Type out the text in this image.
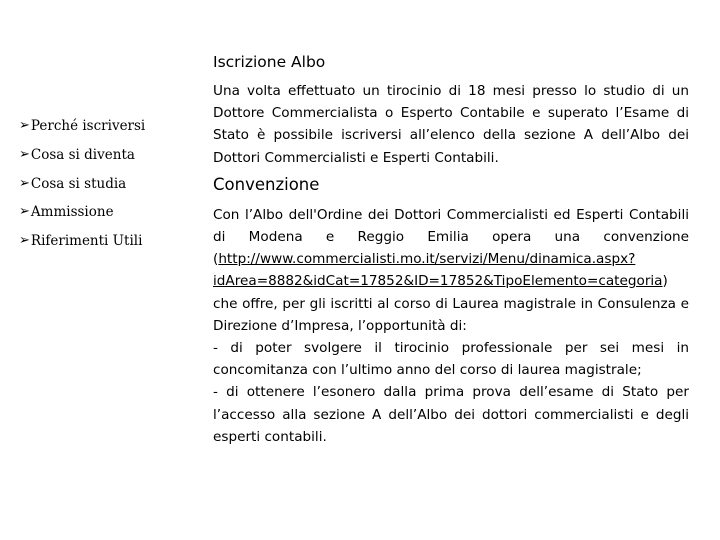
Iscrizione Albo
➢ Perché iscriversi
➢ Cosa si diventa
➢ Cosa si studia
➢ Ammissione
➢ Riferimenti Utili

Una volta effettuato un tirocinio di 18 mesi presso lo studio di un Dottore Commercialista o Esperto Contabile e superato l’Esame di Stato è possibile iscriversi all’elenco della sezione A dell’Albo dei Dottori Commercialisti e Esperti Contabili.

Convenzione

Con l’Albo dell'Ordine dei Dottori Commercialisti ed Esperti Contabili di Modena e Reggio Emilia opera una convenzione (http://www.commercialisti.mo.it/servizi/Menu/dinamica.aspx?idArea=8882&idCat=17852&ID=17852&TipoElemento=categoria) che offre, per gli iscritti al corso di Laurea magistrale in Consulenza e Direzione d’Impresa, l’opportunità di:

- di poter svolgere il tirocinio professionale per sei mesi in concomitanza con l’ultimo anno del corso di laurea magistrale;

- di ottenere l’esonero dalla prima prova dell’esame di Stato per l’accesso alla sezione A dell’Albo dei dottori commercialisti e degli esperti contabili.
